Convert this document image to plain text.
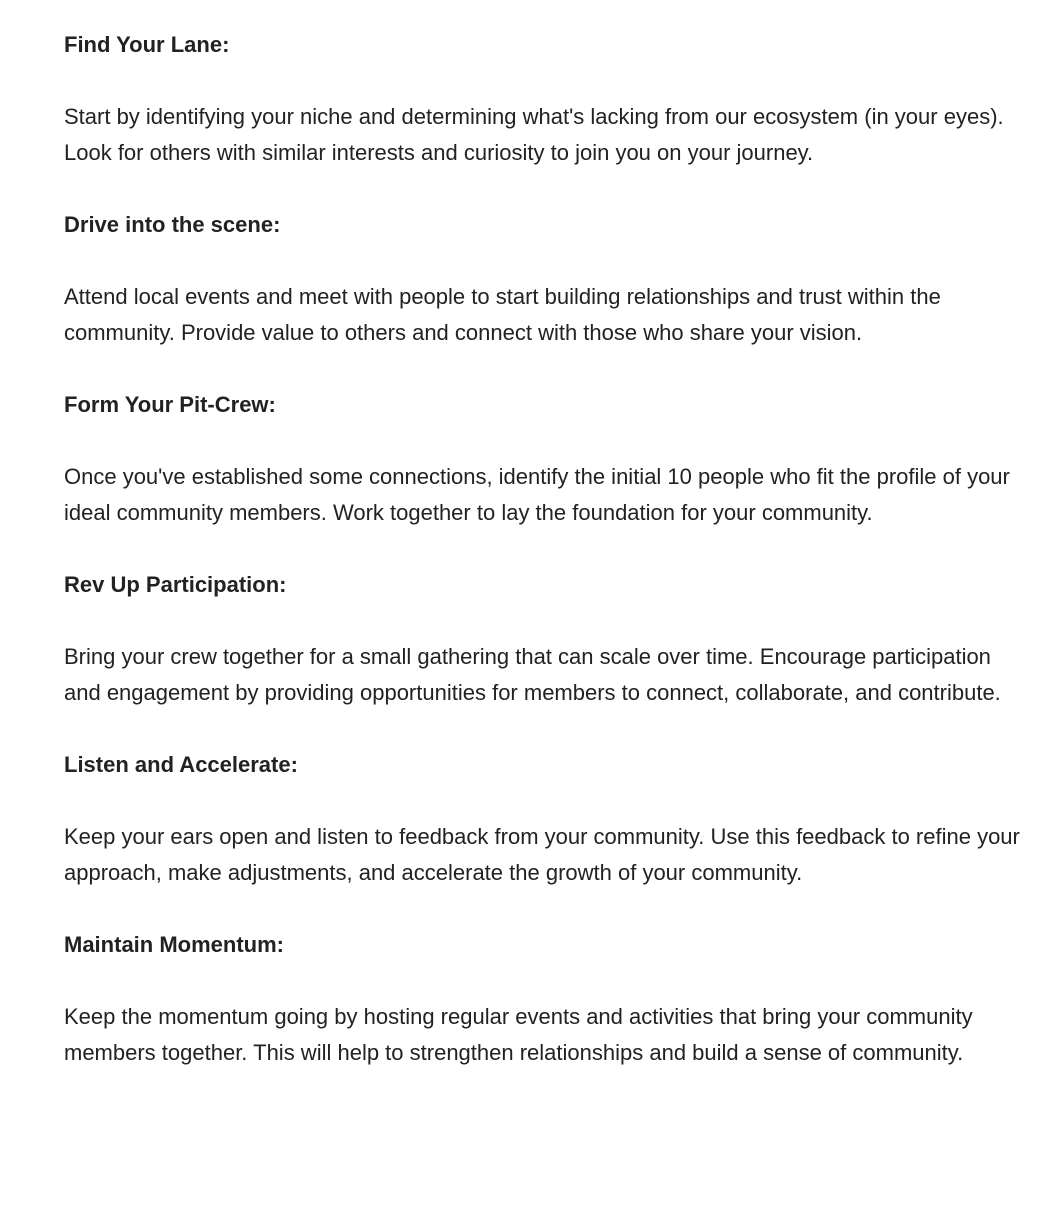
Find Your Lane:

Start by identifying your niche and determining what's lacking from our ecosystem (in your eyes). Look for others with similar interests and curiosity to join you on your journey.

Drive into the scene:

Attend local events and meet with people to start building relationships and trust within the community. Provide value to others and connect with those who share your vision.

Form Your Pit-Crew:

Once you've established some connections, identify the initial 10 people who fit the profile of your ideal community members. Work together to lay the foundation for your community.

Rev Up Participation:

Bring your crew together for a small gathering that can scale over time. Encourage participation and engagement by providing opportunities for members to connect, collaborate, and contribute.

Listen and Accelerate:

Keep your ears open and listen to feedback from your community. Use this feedback to refine your approach, make adjustments, and accelerate the growth of your community.

Maintain Momentum:

Keep the momentum going by hosting regular events and activities that bring your community members together. This will help to strengthen relationships and build a sense of community.
